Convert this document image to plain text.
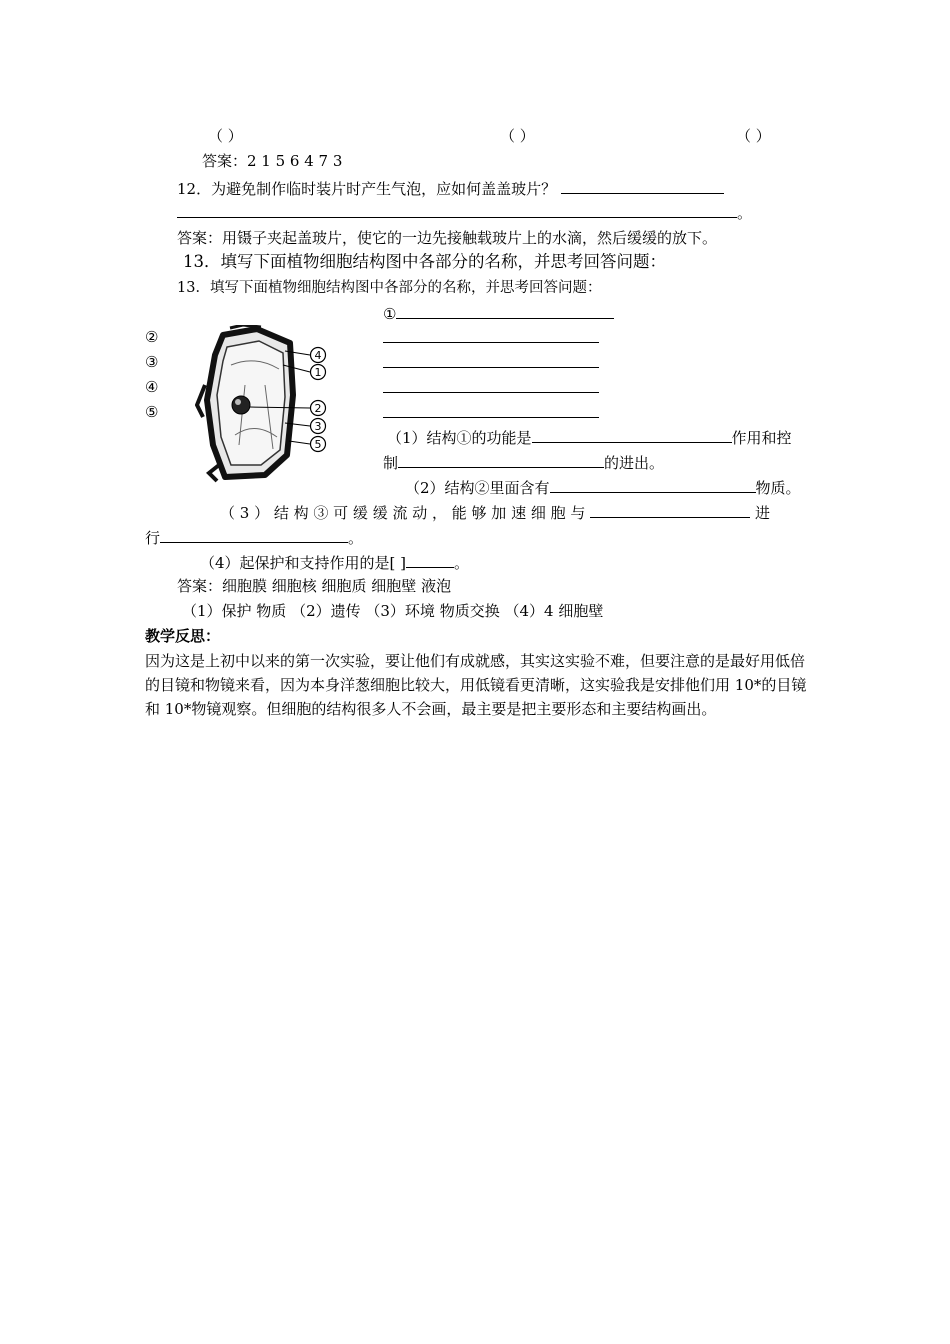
（ ）	（ ）	（ ）
答案：2 1 5 6 4 7 3
12．为避免制作临时装片时产生气泡，应如何盖盖玻片？
。
答案：用镊子夹起盖玻片，使它的一边先接触载玻片上的水滴，然后缓缓的放下。
13．填写下面植物细胞结构图中各部分的名称，并思考回答问题：
13．填写下面植物细胞结构图中各部分的名称，并思考回答问题：
②
③
④
⑤
4
1
2
3
5
①
（1）结构①的功能是	作用和控
制	的进出。
（2）结构②里面含有	物质。
（ 3 ） 结 构 ③ 可 缓 缓 流 动 ， 能 够 加 速 细 胞 与	进
行	。
（4）起保护和支持作用的是[ ]	。
答案：细胞膜 细胞核 细胞质 细胞壁 液泡
（1）保护 物质 （2）遗传 （3）环境 物质交换 （4）4 细胞壁
教学反思：
因为这是上初中以来的第一次实验，要让他们有成就感，其实这实验不难，但要注意的是最好用低倍的目镜和物镜来看，因为本身洋葱细胞比较大，用低镜看更清晰，这实验我是安排他们用 10*的目镜和 10*物镜观察。但细胞的结构很多人不会画，最主要是把主要形态和主要结构画出。
